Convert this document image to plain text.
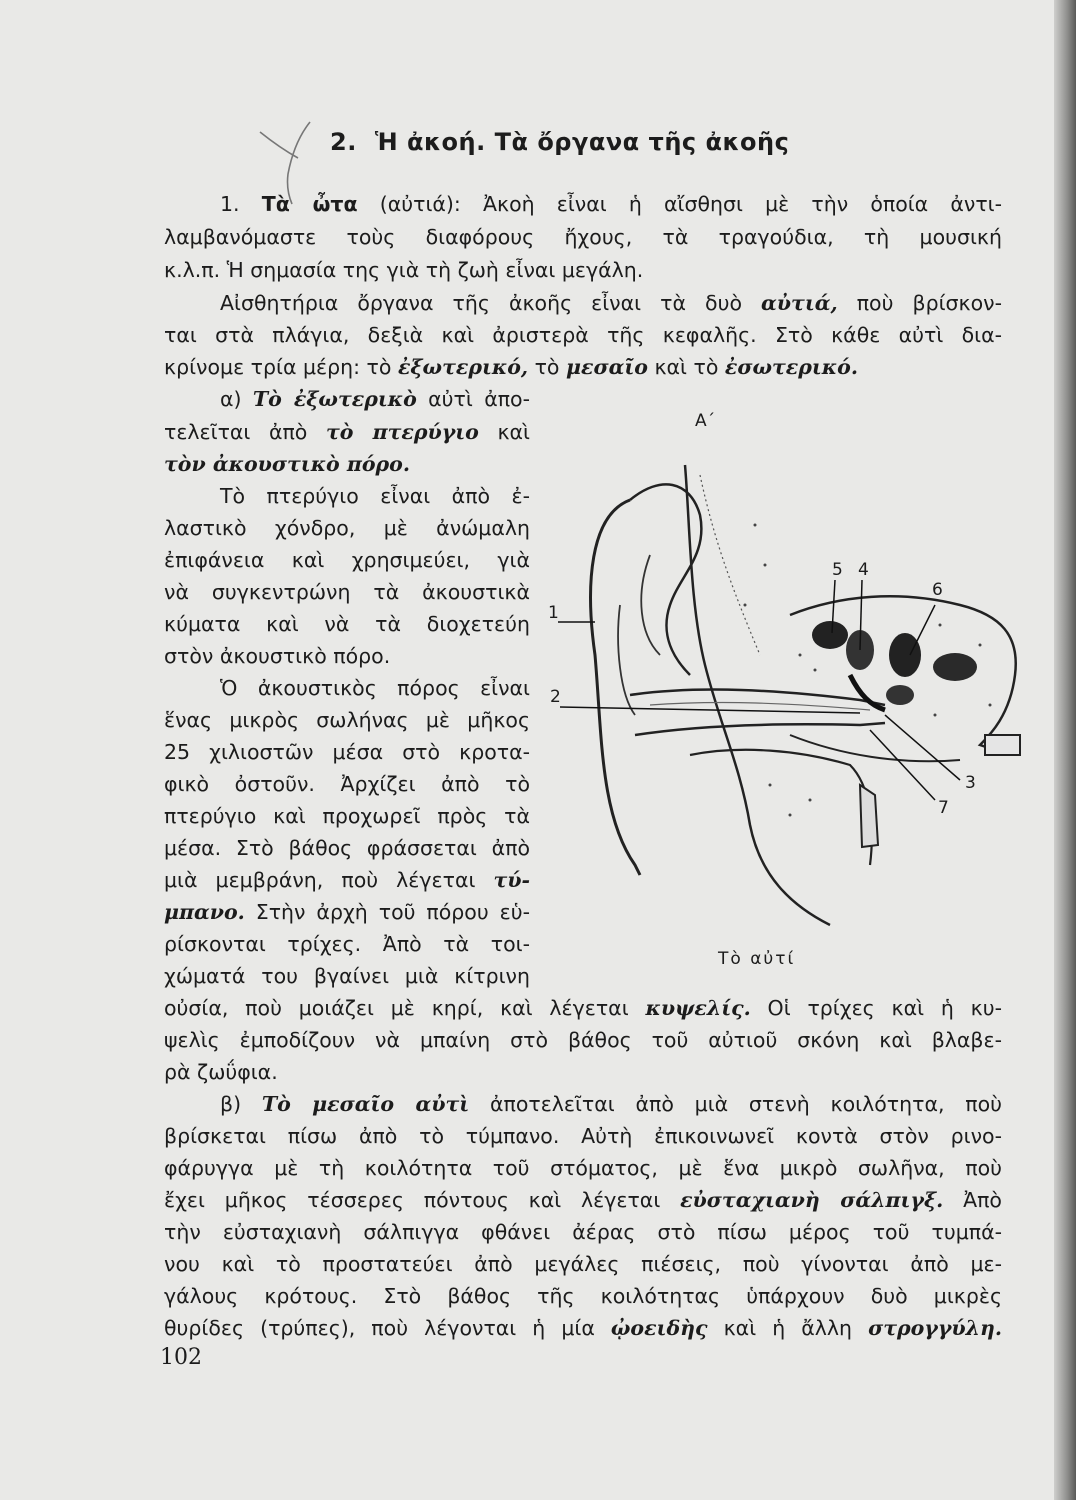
2. Ἡ ἀκοή. Τὰ ὄργανα τῆς ἀκοῆς
1. Τὰ ὦτα (αὐτιά): Ἀκοὴ εἶναι ἡ αἴσθησι μὲ τὴν ὁποία ἀντι-
λαμβανόμαστε τοὺς διαφόρους ἤχους, τὰ τραγούδια, τὴ μουσική
κ.λ.π. Ἡ σημασία της γιὰ τὴ ζωὴ εἶναι μεγάλη.
Αἰσθητήρια ὄργανα τῆς ἀκοῆς εἶναι τὰ δυὸ αὐτιά, ποὺ βρίσκον-
ται στὰ πλάγια, δεξιὰ καὶ ἀριστερὰ τῆς κεφαλῆς. Στὸ κάθε αὐτὶ δια-
κρίνομε τρία μέρη: τὸ ἐξωτερικό, τὸ μεσαῖο καὶ τὸ ἐσωτερικό.
α) Τὸ ἐξωτερικὸ αὐτὶ ἀπο-
τελεῖται ἀπὸ τὸ πτερύγιο καὶ
τὸν ἀκουστικὸ πόρο.
Τὸ πτερύγιο εἶναι ἀπὸ ἐ-
λαστικὸ χόνδρο, μὲ ἀνώμαλη
ἐπιφάνεια καὶ χρησιμεύει, γιὰ
νὰ συγκεντρώνη τὰ ἀκουστικὰ
κύματα καὶ νὰ τὰ διοχετεύη
στὸν ἀκουστικὸ πόρο.
Ὁ ἀκουστικὸς πόρος εἶναι
ἕνας μικρὸς σωλήνας μὲ μῆκος
25 χιλιοστῶν μέσα στὸ κροτα-
φικὸ ὀστοῦν. Ἀρχίζει ἀπὸ τὸ
πτερύγιο καὶ προχωρεῖ πρὸς τὰ
μέσα. Στὸ βάθος φράσσεται ἀπὸ
μιὰ μεμβράνη, ποὺ λέγεται τύ-
μπανο. Στὴν ἀρχὴ τοῦ πόρου εὑ-
ρίσκονται τρίχες. Ἀπὸ τὰ τοι-
χώματά του βγαίνει μιὰ κίτρινη
οὐσία, ποὺ μοιάζει μὲ κηρί, καὶ λέγεται κυψελίς. Οἱ τρίχες καὶ ἡ κυ-
ψελὶς ἐμποδίζουν νὰ μπαίνη στὸ βάθος τοῦ αὐτιοῦ σκόνη καὶ βλαβε-
ρὰ ζωΰφια.
β) Τὸ μεσαῖο αὐτὶ ἀποτελεῖται ἀπὸ μιὰ στενὴ κοιλότητα, ποὺ
βρίσκεται πίσω ἀπὸ τὸ τύμπανο. Αὐτὴ ἐπικοινωνεῖ κοντὰ στὸν ρινο-
φάρυγγα μὲ τὴ κοιλότητα τοῦ στόματος, μὲ ἕνα μικρὸ σωλῆνα, ποὺ
ἔχει μῆκος τέσσερες πόντους καὶ λέγεται εὐσταχιανὴ σάλπιγξ. Ἀπὸ
τὴν εὐσταχιανὴ σάλπιγγα φθάνει ἀέρας στὸ πίσω μέρος τοῦ τυμπά-
νου καὶ τὸ προστατεύει ἀπὸ μεγάλες πιέσεις, ποὺ γίνονται ἀπὸ με-
γάλους κρότους. Στὸ βάθος τῆς κοιλότητας ὑπάρχουν δυὸ μικρὲς
θυρίδες (τρύπες), ποὺ λέγονται ἡ μία ᾠοειδὴς καὶ ἡ ἄλλη στρογγύλη.
Α΄
1
2
3
4
5
6
7
Τὸ αὐτί
102
